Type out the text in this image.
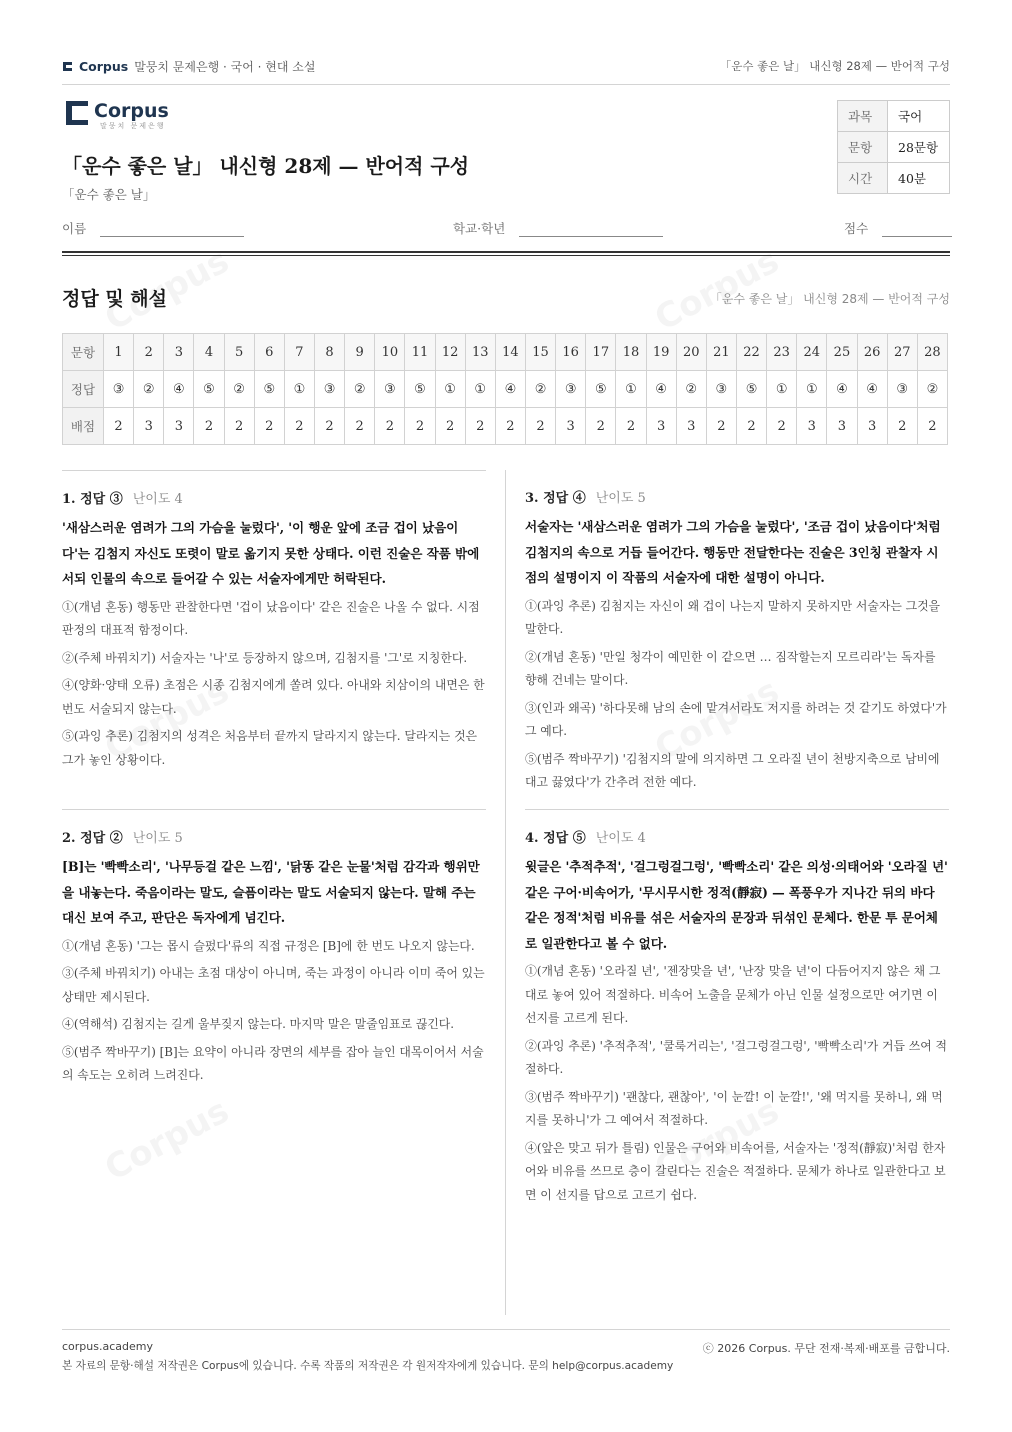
Corpus 말뭉치 문제은행 · 국어 · 현대 소설	「운수 좋은 날」 내신형 28제 — 반어적 구성
Corpus
말뭉치 문제은행
「운수 좋은 날」 내신형 28제 — 반어적 구성
「운수 좋은 날」
과목	국어
문항	28문항
시간	40분
이름	학교·학년	점수
정답 및 해설	「운수 좋은 날」 내신형 28제 — 반어적 구성
문항	1	2	3	4	5	6	7	8	9	10	11	12	13	14	15	16	17	18	19	20	21	22	23	24	25	26	27	28
정답	③	②	④	⑤	②	⑤	①	③	②	③	⑤	①	①	④	②	③	⑤	①	④	②	③	⑤	①	①	④	④	③	②
배점	2	3	3	2	2	2	2	2	2	2	2	2	2	2	2	3	2	2	3	3	2	2	2	3	3	3	2	2
1. 정답 ③ 난이도 4
'새삼스러운 염려가 그의 가슴을 눌렀다', '이 행운 앞에 조금 겁이 났음이다'는 김첨지 자신도 또렷이 말로 옮기지 못한 상태다. 이런 진술은 작품 밖에 서되 인물의 속으로 들어갈 수 있는 서술자에게만 허락된다.
①(개념 혼동) 행동만 관찰한다면 '겁이 났음이다' 같은 진술은 나올 수 없다. 시점 판정의 대표적 함정이다.
②(주체 바꿔치기) 서술자는 '나'로 등장하지 않으며, 김첨지를 '그'로 지칭한다.
④(양화·양태 오류) 초점은 시종 김첨지에게 쏠려 있다. 아내와 치삼이의 내면은 한 번도 서술되지 않는다.
⑤(과잉 추론) 김첨지의 성격은 처음부터 끝까지 달라지지 않는다. 달라지는 것은 그가 놓인 상황이다.
2. 정답 ② 난이도 5
[B]는 '빡빡소리', '나무등걸 같은 느낌', '닭똥 같은 눈물'처럼 감각과 행위만을 내놓는다. 죽음이라는 말도, 슬픔이라는 말도 서술되지 않는다. 말해 주는 대신 보여 주고, 판단은 독자에게 넘긴다.
①(개념 혼동) '그는 몹시 슬펐다'류의 직접 규정은 [B]에 한 번도 나오지 않는다.
③(주체 바꿔치기) 아내는 초점 대상이 아니며, 죽는 과정이 아니라 이미 죽어 있는 상태만 제시된다.
④(역해석) 김첨지는 길게 울부짖지 않는다. 마지막 말은 말줄임표로 끊긴다.
⑤(범주 짝바꾸기) [B]는 요약이 아니라 장면의 세부를 잡아 늘인 대목이어서 서술의 속도는 오히려 느려진다.
3. 정답 ④ 난이도 5
서술자는 '새삼스러운 염려가 그의 가슴을 눌렀다', '조금 겁이 났음이다'처럼 김첨지의 속으로 거듭 들어간다. 행동만 전달한다는 진술은 3인칭 관찰자 시점의 설명이지 이 작품의 서술자에 대한 설명이 아니다.
①(과잉 추론) 김첨지는 자신이 왜 겁이 나는지 말하지 못하지만 서술자는 그것을 말한다.
②(개념 혼동) '만일 청각이 예민한 이 같으면 … 짐작할는지 모르리라'는 독자를 향해 건네는 말이다.
③(인과 왜곡) '하다못해 남의 손에 맡겨서라도 저지를 하려는 것 같기도 하였다'가 그 예다.
⑤(범주 짝바꾸기) '김첨지의 말에 의지하면 그 오라질 년이 천방지축으로 남비에 대고 끓였다'가 간추려 전한 예다.
4. 정답 ⑤ 난이도 4
윗글은 '추적추적', '걸그렁걸그렁', '빡빡소리' 같은 의성·의태어와 '오라질 년' 같은 구어·비속어가, '무시무시한 정적(靜寂) — 폭풍우가 지나간 뒤의 바다 같은 정적'처럼 비유를 섞은 서술자의 문장과 뒤섞인 문체다. 한문 투 문어체로 일관한다고 볼 수 없다.
①(개념 혼동) '오라질 년', '젠장맞을 년', '난장 맞을 년'이 다듬어지지 않은 채 그대로 놓여 있어 적절하다. 비속어 노출을 문체가 아닌 인물 설정으로만 여기면 이 선지를 고르게 된다.
②(과잉 추론) '추적추적', '쿨룩거리는', '걸그렁걸그렁', '빡빡소리'가 거듭 쓰여 적절하다.
③(범주 짝바꾸기) '괜찮다, 괜찮아', '이 눈깔! 이 눈깔!', '왜 먹지를 못하니, 왜 먹지를 못하니'가 그 예여서 적절하다.
④(앞은 맞고 뒤가 틀림) 인물은 구어와 비속어를, 서술자는 '정적(靜寂)'처럼 한자어와 비유를 쓰므로 층이 갈린다는 진술은 적절하다. 문체가 하나로 일관한다고 보면 이 선지를 답으로 고르기 쉽다.
corpus.academy	ⓒ 2026 Corpus. 무단 전재·복제·배포를 금합니다.
본 자료의 문항·해설 저작권은 Corpus에 있습니다. 수록 작품의 저작권은 각 원저작자에게 있습니다. 문의 help@corpus.academy
